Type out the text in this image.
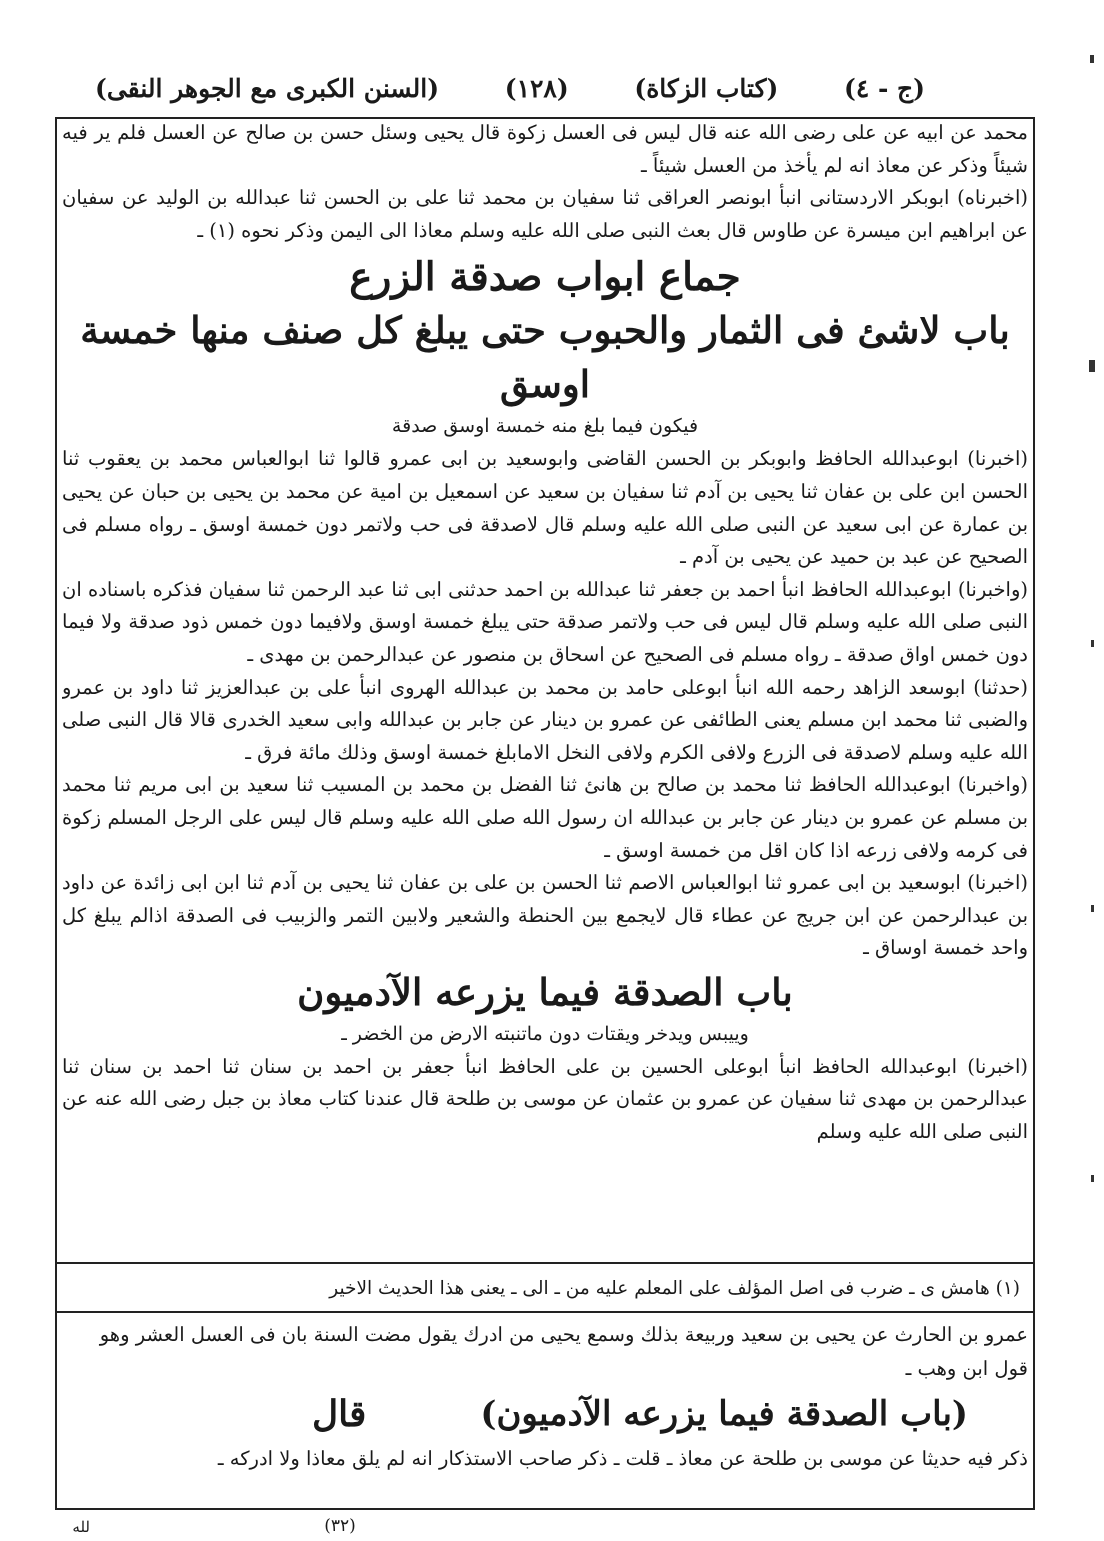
(السنن الكبرى مع الجوهر النقى)	(١٢٨)	(كتاب الزكاة)	(ج - ٤)

محمد عن ابيه عن على رضى الله عنه قال ليس فى العسل زكوة قال يحيى وسئل حسن بن صالح عن العسل فلم ير فيه شيئاً وذكر عن معاذ انه لم يأخذ من العسل شيئاً ـ

(اخبرناه) ابوبكر الاردستانى انبأ ابونصر العراقى ثنا سفيان بن محمد ثنا على بن الحسن ثنا عبدالله بن الوليد عن سفيان عن ابراهيم ابن ميسرة عن طاوس قال بعث النبى صلى الله عليه وسلم معاذا الى اليمن وذكر نحوه (١) ـ

جماع ابواب صدقة الزرع
باب لاشئ فى الثمار والحبوب حتى يبلغ كل صنف منها خمسة اوسق
فيكون فيما بلغ منه خمسة اوسق صدقة

(اخبرنا) ابوعبدالله الحافظ وابوبكر بن الحسن القاضى وابوسعيد بن ابى عمرو قالوا ثنا ابوالعباس محمد بن يعقوب ثنا الحسن ابن على بن عفان ثنا يحيى بن آدم ثنا سفيان بن سعيد عن اسمعيل بن امية عن محمد بن يحيى بن حبان عن يحيى بن عمارة عن ابى سعيد عن النبى صلى الله عليه وسلم قال لاصدقة فى حب ولاتمر دون خمسة اوسق ـ رواه مسلم فى الصحيح عن عبد بن حميد عن يحيى بن آدم ـ

(واخبرنا) ابوعبدالله الحافظ انبأ احمد بن جعفر ثنا عبدالله بن احمد حدثنى ابى ثنا عبد الرحمن ثنا سفيان فذكره باسناده ان النبى صلى الله عليه وسلم قال ليس فى حب ولاتمر صدقة حتى يبلغ خمسة اوسق ولافيما دون خمس ذود صدقة ولا فيما دون خمس اواق صدقة ـ رواه مسلم فى الصحيح عن اسحاق بن منصور عن عبدالرحمن بن مهدى ـ

(حدثنا) ابوسعد الزاهد رحمه الله انبأ ابوعلى حامد بن محمد بن عبدالله الهروى انبأ على بن عبدالعزيز ثنا داود بن عمرو والضبى ثنا محمد ابن مسلم يعنى الطائفى عن عمرو بن دينار عن جابر بن عبدالله وابى سعيد الخدرى قالا قال النبى صلى الله عليه وسلم لاصدقة فى الزرع ولافى الكرم ولافى النخل الامابلغ خمسة اوسق وذلك مائة فرق ـ

(واخبرنا) ابوعبدالله الحافظ ثنا محمد بن صالح بن هانئ ثنا الفضل بن محمد بن المسيب ثنا سعيد بن ابى مريم ثنا محمد بن مسلم عن عمرو بن دينار عن جابر بن عبدالله ان رسول الله صلى الله عليه وسلم قال ليس على الرجل المسلم زكوة فى كرمه ولافى زرعه اذا كان اقل من خمسة اوسق ـ

(اخبرنا) ابوسعيد بن ابى عمرو ثنا ابوالعباس الاصم ثنا الحسن بن على بن عفان ثنا يحيى بن آدم ثنا ابن ابى زائدة عن داود بن عبدالرحمن عن ابن جريج عن عطاء قال لايجمع بين الحنطة والشعير ولابين التمر والزبيب فى الصدقة اذالم يبلغ كل واحد خمسة اوساق ـ

باب الصدقة فيما يزرعه الآدميون
وييبس ويدخر ويقتات دون ماتنبته الارض من الخضر ـ

(اخبرنا) ابوعبدالله الحافظ انبأ ابوعلى الحسين بن على الحافظ انبأ جعفر بن احمد بن سنان ثنا احمد بن سنان ثنا عبدالرحمن بن مهدى ثنا سفيان عن عمرو بن عثمان عن موسى بن طلحة قال عندنا كتاب معاذ بن جبل رضى الله عنه عن النبى صلى الله عليه وسلم

(١) هامش ى ـ ضرب فى اصل المؤلف على المعلم عليه من ـ الى ـ يعنى هذا الحديث الاخير

عمرو بن الحارث عن يحيى بن سعيد وربيعة بذلك وسمع يحيى من ادرك يقول مضت السنة بان فى العسل العشر وهو قول ابن وهب ـ

قال	(باب الصدقة فيما يزرعه الآدميون)

ذكر فيه حديثا عن موسى بن طلحة عن معاذ ـ قلت ـ ذكر صاحب الاستذكار انه لم يلق معاذا ولا ادركه ـ

(٣٢)
لله
